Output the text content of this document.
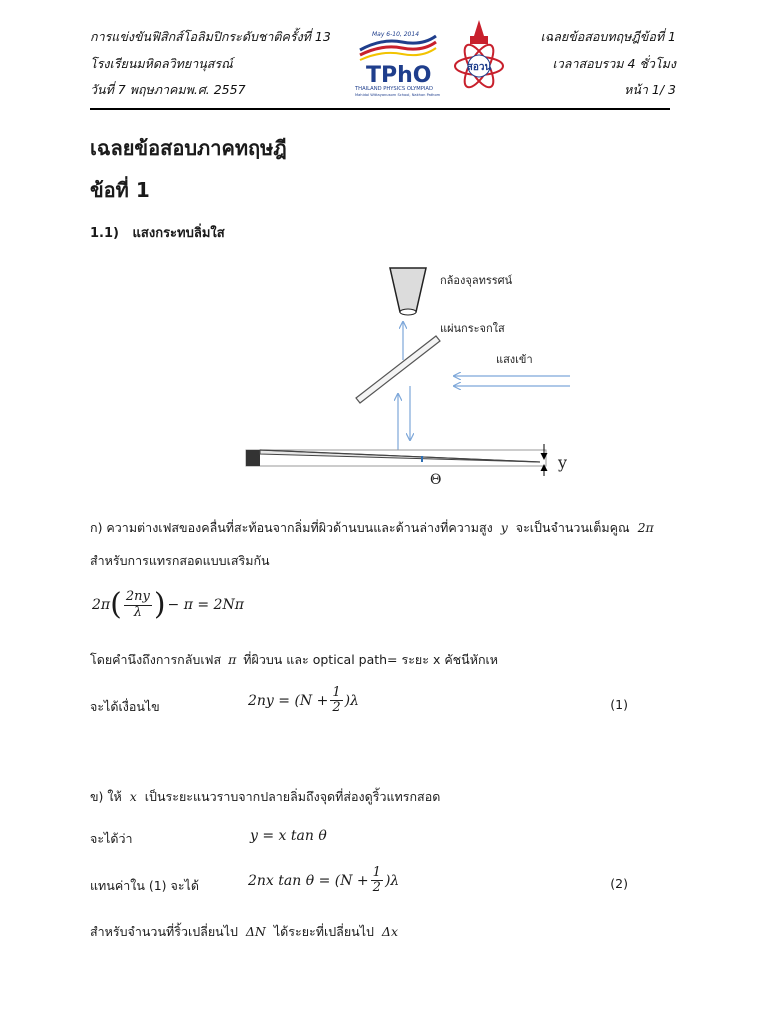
การแข่งขันฟิสิกส์โอลิมปิกระดับชาติครั้งที่ 13
โรงเรียนมหิดลวิทยานุสรณ์
วันที่ 7 พฤษภาคมพ.ศ. 2557
เฉลยข้อสอบทฤษฎีข้อที่ 1
เวลาสอบรวม 4 ชั่วโมง
หน้า 1/ 3
May 6-10, 2014
TPhO
THAILAND PHYSICS OLYMPIAD
Mahidol Wittayanusorn School, Nakhon Pathom
สอวน
เฉลยข้อสอบภาคทฤษฎี
ข้อที่ 1
1.1) แสงกระทบลิ่มใส
กล้องจุลทรรศน์
แผ่นกระจกใส
แสงเข้า
Θ
y
ก) ความต่างเฟสของคลื่นที่สะท้อนจากลิ่มที่ผิวด้านบนและด้านล่างที่ความสูง y จะเป็นจำนวนเต็มคูณ 2π
สำหรับการแทรกสอดแบบเสริมกัน
2π ( $\frac{2ny}{\lambda}$ ) − π = 2Nπ
โดยคำนึงถึงการกลับเฟส π ที่ผิวบน และ optical path= ระยะ x คัชนีหักเห
จะได้เงื่อนไข	$2ny = (N + \frac{1}{2} )\lambda$	(1)
ข) ให้ x เป็นระยะแนวราบจากปลายลิ่มถึงจุดที่ส่องดูริ้วแทรกสอด
จะได้ว่า	y = x tan θ
แทนค่าใน (1) จะได้	2nx $\tan \theta = (N + \frac{1}{2} )\lambda$	(2)
สำหรับจำนวนที่ริ้วเปลี่ยนไป ΔN ได้ระยะที่เปลี่ยนไป Δx
